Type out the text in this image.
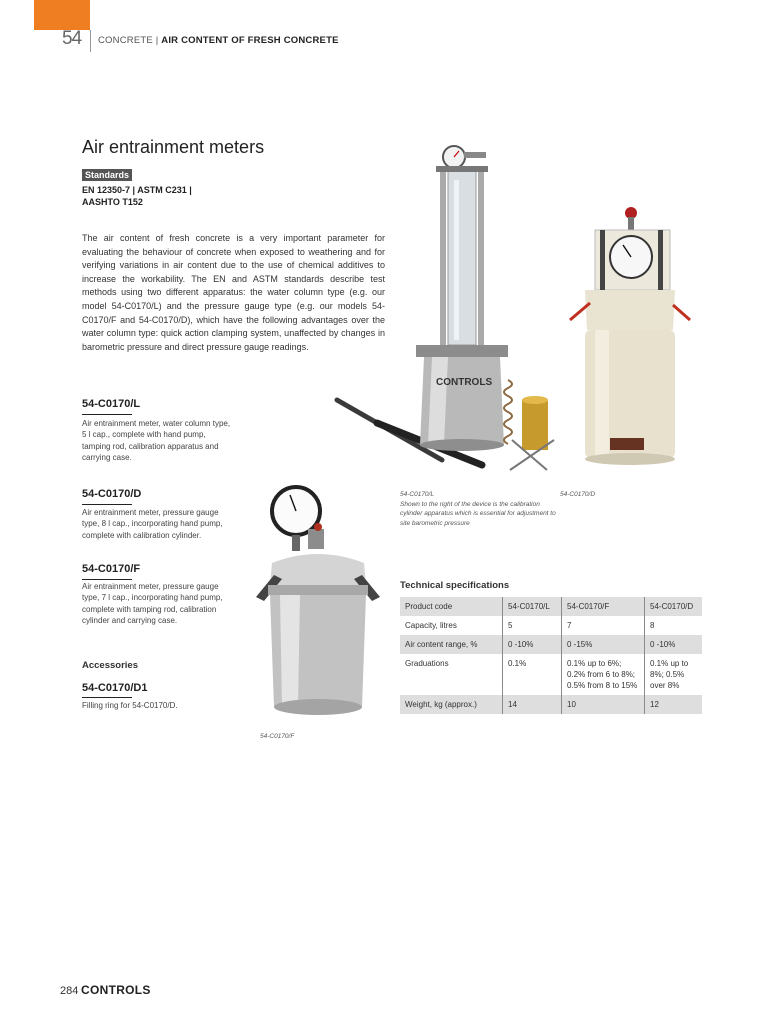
54 CONCRETE | AIR CONTENT OF FRESH CONCRETE
Air entrainment meters
Standards
EN 12350-7 | ASTM C231 |
AASHTO T152
The air content of fresh concrete is a very important parameter for evaluating the behaviour of concrete when exposed to weathering and for verifying variations in air content due to the use of chemical additives to increase the workability. The EN and ASTM standards describe test methods using two different apparatus: the water column type (e.g. our model 54-C0170/L) and the pressure gauge type (e.g. our models 54-C0170/F and 54-C0170/D), which have the following advantages over the water column type: quick action clamping system, unaffected by changes in barometric pressure and direct pressure gauge readings.
54-C0170/L
Air entrainment meter, water column type, 5 l cap., complete with hand pump, tamping rod, calibration apparatus and carrying case.
54-C0170/D
Air entrainment meter, pressure gauge type, 8 l cap., incorporating hand pump, complete with calibration cylinder.
54-C0170/F
Air entrainment meter, pressure gauge type, 7 l cap., incorporating hand pump, complete with tamping rod, calibration cylinder and carrying case.
Accessories
54-C0170/D1
Filling ring for 54-C0170/D.
CONTROLS
54-C0170/L
Shown to the right of the device is the calibration cylinder apparatus which is essential for adjustment to site barometric pressure
54-C0170/D
54-C0170/F
Technical specifications
Product code	54-C0170/L	54-C0170/F	54-C0170/D
Capacity, litres	5	7	8
Air content range, %	0 -10%	0 -15%	0 -10%
Graduations	0.1%	0.1% up to 6%; 0.2% from 6 to 8%; 0.5% from 8 to 15%	0.1% up to 8%; 0.5% over 8%
Weight, kg (approx.)	14	10	12
284 CONTROLS
